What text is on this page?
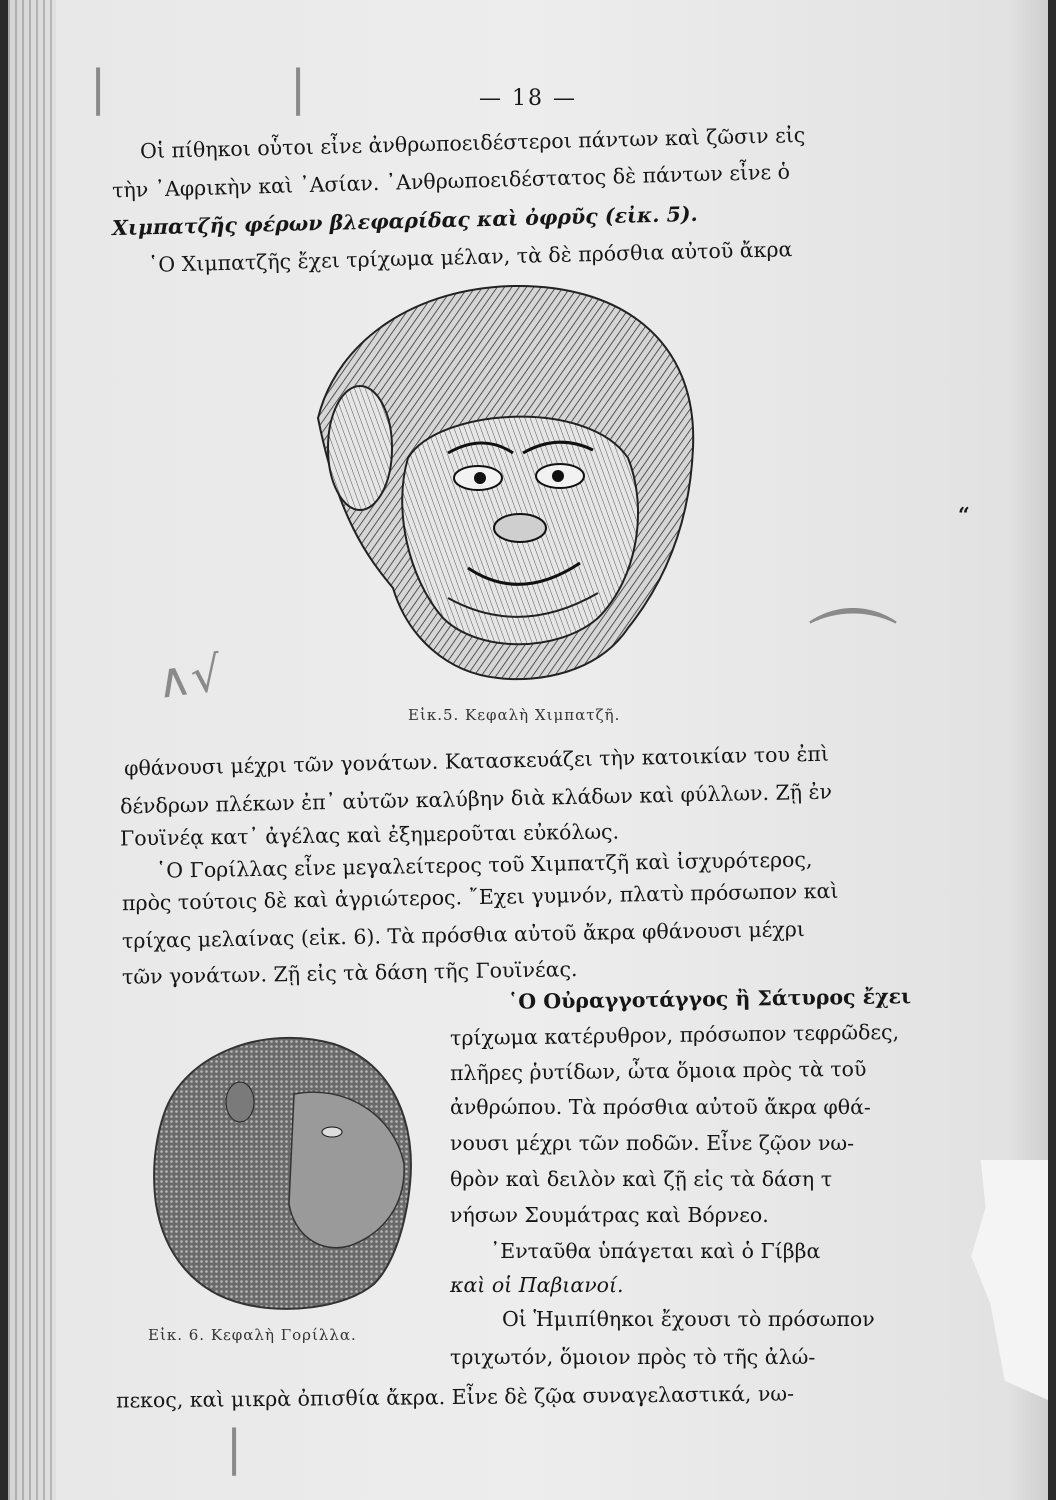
|	|
∧√	⌒
|
— 18 —
Οἱ πίθηκοι οὗτοι εἶνε ἀνθρωποειδέστεροι πάντων καὶ ζῶσιν εἰς
τὴν ᾿Αφρικὴν καὶ ᾿Ασίαν. ᾿Ανθρωποειδέστατος δὲ πάντων εἶνε ὁ
Χιμπατζῆς φέρων βλεφαρίδας καὶ ὀφρῦς (εἰκ. 5).
῾Ο Χιμπατζῆς ἔχει τρίχωμα μέλαν, τὰ δὲ πρόσθια αὐτοῦ ἄκρα
Εἰκ.5. Κεφαλὴ Χιμπατζῆ.
“
φθάνουσι μέχρι τῶν γονάτων. Κατασκευάζει τὴν κατοικίαν του ἐπὶ
δένδρων πλέκων ἐπ᾿ αὐτῶν καλύβην διὰ κλάδων καὶ φύλλων. Ζῇ ἐν
Γουϊνέᾳ κατ᾿ ἀγέλας καὶ ἐξημεροῦται εὐκόλως.
῾Ο Γορίλλας εἶνε μεγαλείτερος τοῦ Χιμπατζῆ καὶ ἰσχυρότερος,
πρὸς τούτοις δὲ καὶ ἀγριώτερος. ῎Εχει γυμνόν, πλατὺ πρόσωπον καὶ
τρίχας μελαίνας (εἰκ. 6). Τὰ πρόσθια αὐτοῦ ἄκρα φθάνουσι μέχρι
τῶν γονάτων. Ζῇ εἰς τὰ δάση τῆς Γουϊνέας.
Εἰκ. 6. Κεφαλὴ Γορίλλα.
῾Ο Οὐραγγοτάγγος ἢ Σάτυρος ἔχει
τρίχωμα κατέρυθρον, πρόσωπον τεφρῶδες,
πλῆρες ῥυτίδων, ὦτα ὅμοια πρὸς τὰ τοῦ
ἀνθρώπου. Τὰ πρόσθια αὐτοῦ ἄκρα φθά-
νουσι μέχρι τῶν ποδῶν. Εἶνε ζῷον νω-
θρὸν καὶ δειλὸν καὶ ζῇ εἰς τὰ δάση τ
νήσων Σουμάτρας καὶ Βόρνεο.
᾿Ενταῦθα ὑπάγεται καὶ ὁ Γίββα
καὶ οἱ Παβιανοί.
Οἱ Ἡμιπίθηκοι ἔχουσι τὸ πρόσωπον
τριχωτόν, ὅμοιον πρὸς τὸ τῆς ἀλώ-
πεκος, καὶ μικρὰ ὀπισθία ἄκρα. Εἶνε δὲ ζῷα συναγελαστικά, νω-
